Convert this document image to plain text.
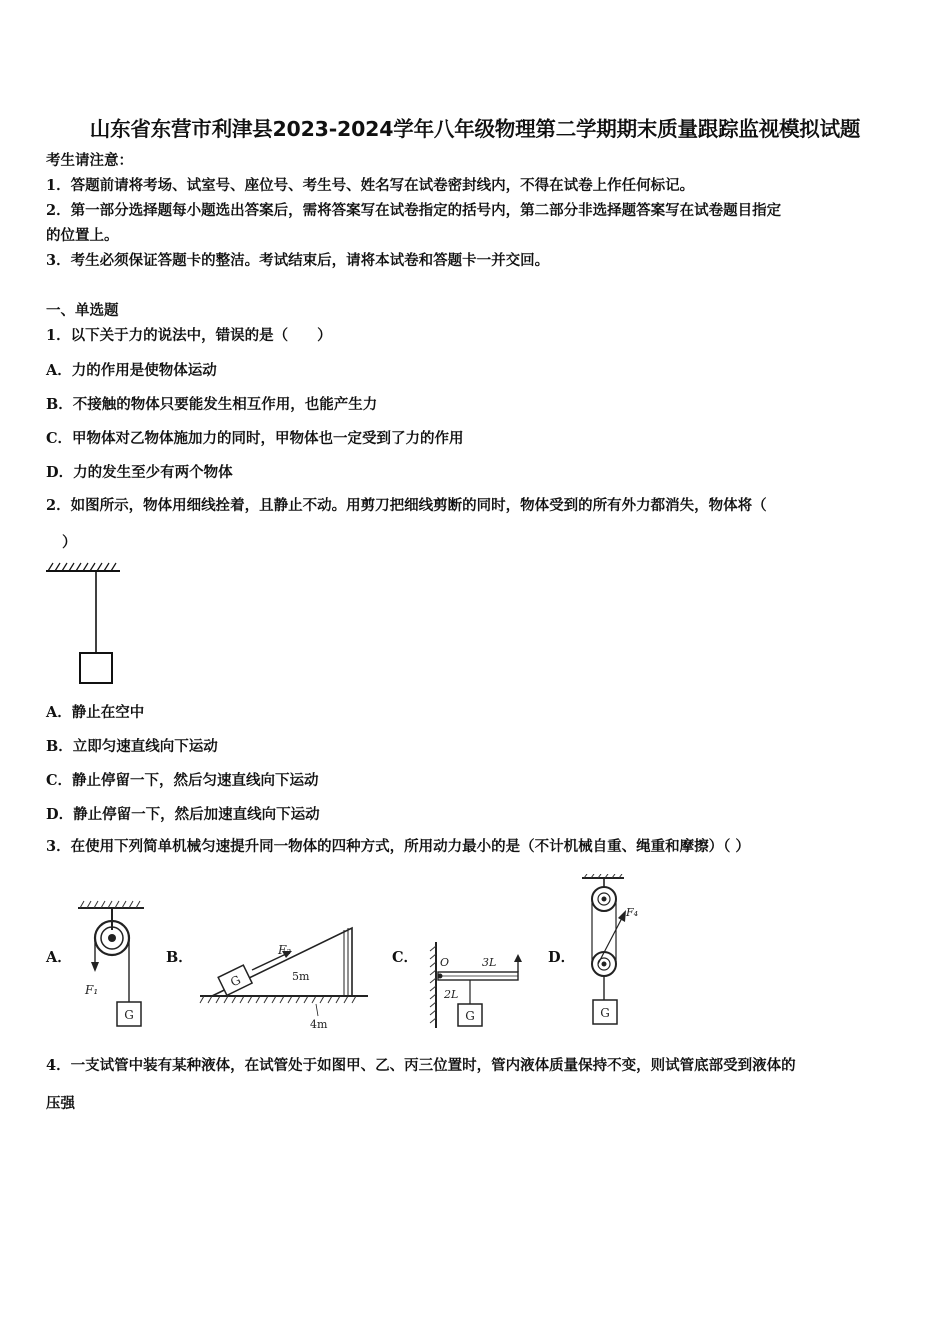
山东省东营市利津县2023-2024学年八年级物理第二学期期末质量跟踪监视模拟试题
考生请注意：
1．答题前请将考场、试室号、座位号、考生号、姓名写在试卷密封线内，不得在试卷上作任何标记。
2．第一部分选择题每小题选出答案后，需将答案写在试卷指定的括号内，第二部分非选择题答案写在试卷题目指定
的位置上。
3．考生必须保证答题卡的整洁。考试结束后，请将本试卷和答题卡一并交回。
一、单选题
1．以下关于力的说法中，错误的是（　　）
A．力的作用是使物体运动
B．不接触的物体只要能发生相互作用，也能产生力
C．甲物体对乙物体施加力的同时，甲物体也一定受到了力的作用
D．力的发生至少有两个物体
2．如图所示，物体用细线拴着，且静止不动。用剪刀把细线剪断的同时，物体受到的所有外力都消失，物体将（
）
A．静止在空中
B．立即匀速直线向下运动
C．静止停留一下，然后匀速直线向下运动
D．静止停留一下，然后加速直线向下运动
3．在使用下列简单机械匀速提升同一物体的四种方式，所用动力最小的是（不计机械自重、绳重和摩擦）（ ）
A．	B．	C．	D．
G
F₁
G
F₂
5m
4m
O	3L
2L
G
F₄
G
4．一支试管中装有某种液体，在试管处于如图甲、乙、丙三位置时，管内液体质量保持不变，则试管底部受到液体的
压强
